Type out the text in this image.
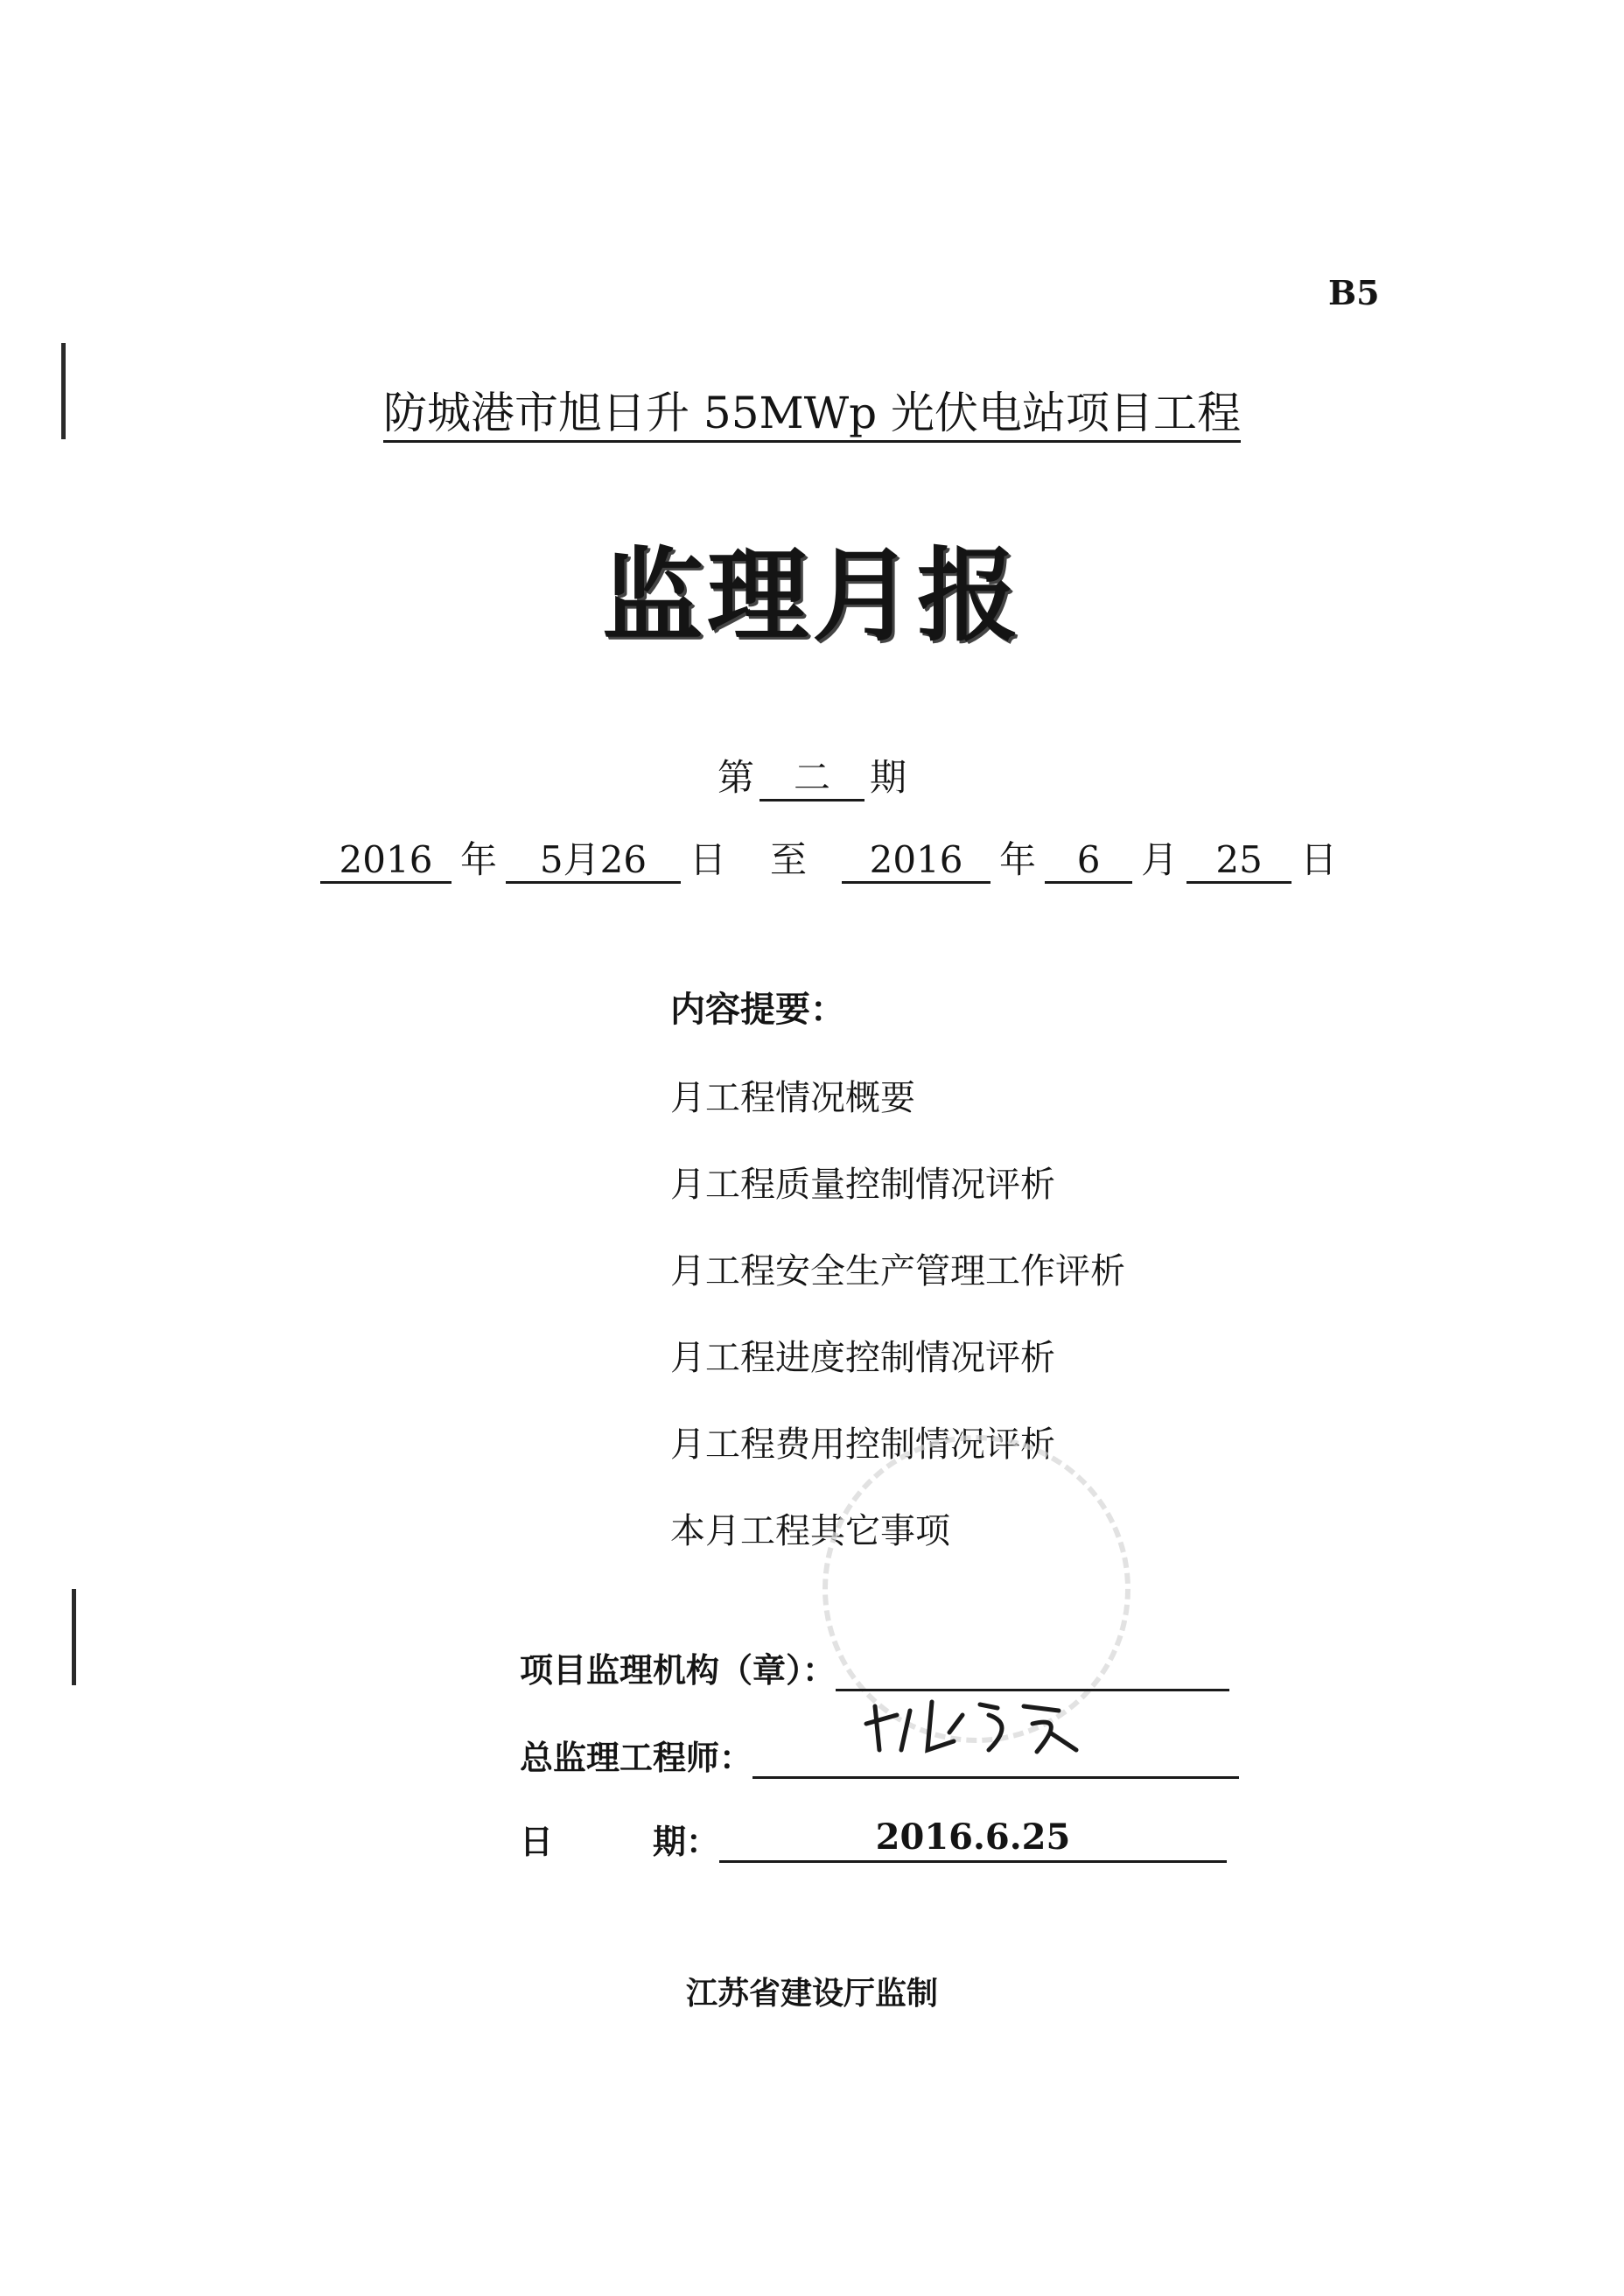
B5
防城港市旭日升 55MWp 光伏电站项目工程
监理月报
第 二 期
2016 年 5月26 日 至 2016 年 6 月 25 日
内容提要：
月工程情况概要
月工程质量控制情况评析
月工程安全生产管理工作评析
月工程进度控制情况评析
月工程费用控制情况评析
本月工程其它事项
项目监理机构（章）：
总监理工程师：
日　　　期：	2016.6.25
江苏省建设厅监制
